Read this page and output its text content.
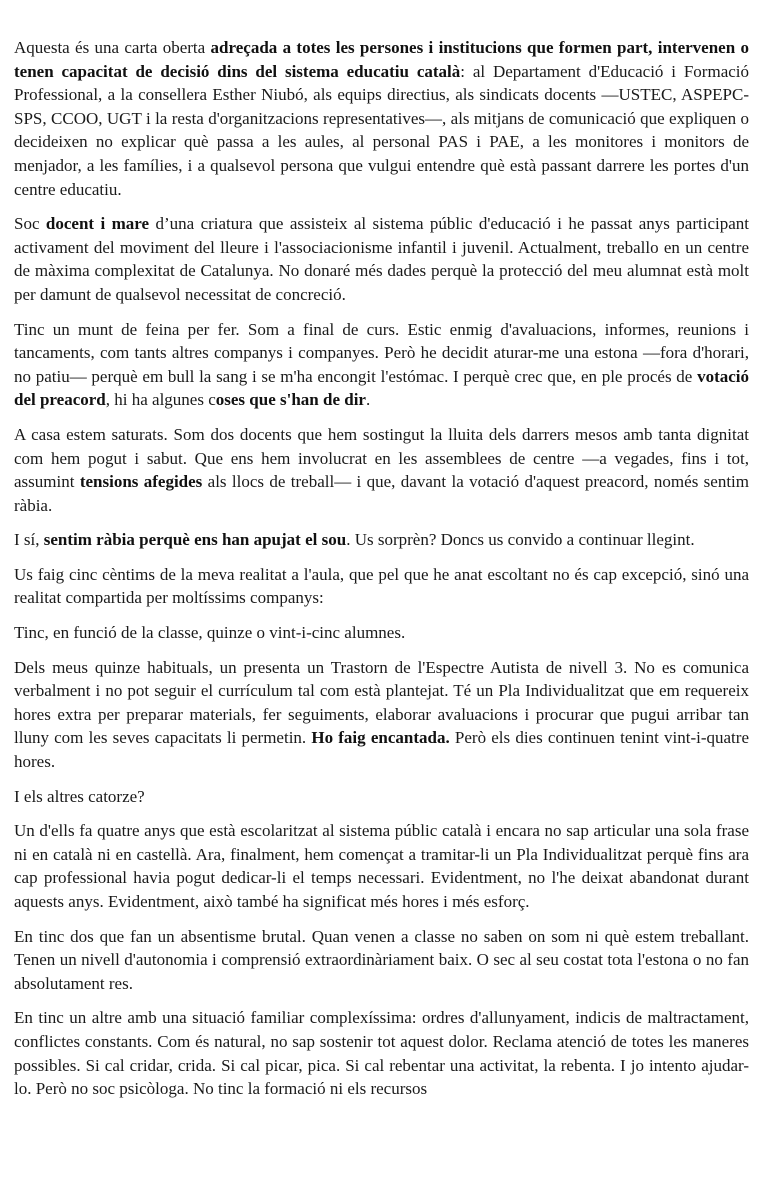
Aquesta és una carta oberta adreçada a totes les persones i institucions que formen part, intervenen o tenen capacitat de decisió dins del sistema educatiu català: al Departament d'Educació i Formació Professional, a la consellera Esther Niubó, als equips directius, als sindicats docents —USTEC, ASPEPC-SPS, CCOO, UGT i la resta d'organitzacions representatives—, als mitjans de comunicació que expliquen o decideixen no explicar què passa a les aules, al personal PAS i PAE, a les monitores i monitors de menjador, a les famílies, i a qualsevol persona que vulgui entendre què està passant darrere les portes d'un centre educatiu.

Soc docent i mare d’una criatura que assisteix al sistema públic d'educació i he passat anys participant activament del moviment del lleure i l'associacionisme infantil i juvenil. Actualment, treballo en un centre de màxima complexitat de Catalunya. No donaré més dades perquè la protecció del meu alumnat està molt per damunt de qualsevol necessitat de concreció.

Tinc un munt de feina per fer. Som a final de curs. Estic enmig d'avaluacions, informes, reunions i tancaments, com tants altres companys i companyes. Però he decidit aturar-me una estona —fora d'horari, no patiu— perquè em bull la sang i se m'ha encongit l'estómac. I perquè crec que, en ple procés de votació del preacord, hi ha algunes coses que s'han de dir.

A casa estem saturats. Som dos docents que hem sostingut la lluita dels darrers mesos amb tanta dignitat com hem pogut i sabut. Que ens hem involucrat en les assemblees de centre —a vegades, fins i tot, assumint tensions afegides als llocs de treball— i que, davant la votació d'aquest preacord, només sentim ràbia.

I sí, sentim ràbia perquè ens han apujat el sou. Us sorprèn? Doncs us convido a continuar llegint.

Us faig cinc cèntims de la meva realitat a l'aula, que pel que he anat escoltant no és cap excepció, sinó una realitat compartida per moltíssims companys:

Tinc, en funció de la classe, quinze o vint-i-cinc alumnes.

Dels meus quinze habituals, un presenta un Trastorn de l'Espectre Autista de nivell 3. No es comunica verbalment i no pot seguir el currículum tal com està plantejat. Té un Pla Individualitzat que em requereix hores extra per preparar materials, fer seguiments, elaborar avaluacions i procurar que pugui arribar tan lluny com les seves capacitats li permetin. Ho faig encantada. Però els dies continuen tenint vint-i-quatre hores.

I els altres catorze?

Un d'ells fa quatre anys que està escolaritzat al sistema públic català i encara no sap articular una sola frase ni en català ni en castellà. Ara, finalment, hem començat a tramitar-li un Pla Individualitzat perquè fins ara cap professional havia pogut dedicar-li el temps necessari. Evidentment, no l'he deixat abandonat durant aquests anys. Evidentment, això també ha significat més hores i més esforç.

En tinc dos que fan un absentisme brutal. Quan venen a classe no saben on som ni què estem treballant. Tenen un nivell d'autonomia i comprensió extraordinàriament baix. O sec al seu costat tota l'estona o no fan absolutament res.

En tinc un altre amb una situació familiar complexíssima: ordres d'allunyament, indicis de maltractament, conflictes constants. Com és natural, no sap sostenir tot aquest dolor. Reclama atenció de totes les maneres possibles. Si cal cridar, crida. Si cal picar, pica. Si cal rebentar una activitat, la rebenta. I jo intento ajudar-lo. Però no soc psicòloga. No tinc la formació ni els recursos
